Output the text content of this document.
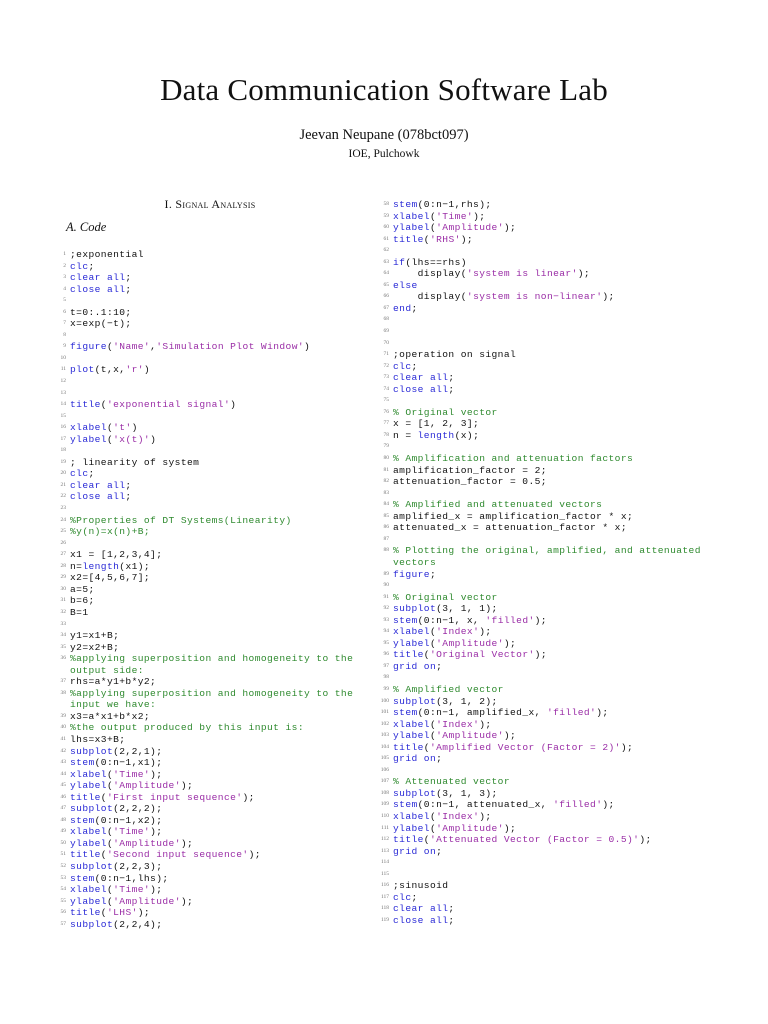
Data Communication Software Lab
Jeevan Neupane (078bct097)
IOE, Pulchowk
I. Signal Analysis
A. Code
1 ;exponential
2 clc;
3 clear all;
4 close all;
5
6 t=0:.1:10;
7 x=exp(−t);
8
9 figure('Name','Simulation Plot Window')
10
11 plot(t,x,'r')
12
13
14 title('exponential signal')
15
16 xlabel('t')
17 ylabel('x(t)')
18
19 ; linearity of system
20 clc;
21 clear all;
22 close all;
23
24 %Properties of DT Systems(Linearity)
25 %y(n)=x(n)+B;
26
27 x1 = [1,2,3,4];
28 n=length(x1);
29 x2=[4,5,6,7];
30 a=5;
31 b=6;
32 B=1
33
34 y1=x1+B;
35 y2=x2+B;
36 %applying superposition and homogeneity to the output side:
37 rhs=a*y1+b*y2;
38 %applying superposition and homogeneity to the input we have:
39 x3=a*x1+b*x2;
40 %the output produced by this input is:
41 lhs=x3+B;
42 subplot(2,2,1);
43 stem(0:n−1,x1);
44 xlabel('Time');
45 ylabel('Amplitude');
46 title('First input sequence');
47 subplot(2,2,2);
48 stem(0:n−1,x2);
49 xlabel('Time');
50 ylabel('Amplitude');
51 title('Second input sequence');
52 subplot(2,2,3);
53 stem(0:n−1,lhs);
54 xlabel('Time');
55 ylabel('Amplitude');
56 title('LHS');
57 subplot(2,2,4);
58 stem(0:n−1,rhs);
59 xlabel('Time');
60 ylabel('Amplitude');
61 title('RHS');
62
63 if(lhs==rhs)
64 display('system is linear');
65 else
66 display('system is non−linear');
67 end;
68
69
70
71 ;operation on signal
72 clc;
73 clear all;
74 close all;
75
76 % Original vector
77 x = [1, 2, 3];
78 n = length(x);
79
80 % Amplification and attenuation factors
81 amplification_factor = 2;
82 attenuation_factor = 0.5;
83
84 % Amplified and attenuated vectors
85 amplified_x = amplification_factor * x;
86 attenuated_x = attenuation_factor * x;
87
88 % Plotting the original, amplified, and attenuated vectors
89 figure;
90
91 % Original vector
92 subplot(3, 1, 1);
93 stem(0:n−1, x, 'filled');
94 xlabel('Index');
95 ylabel('Amplitude');
96 title('Original Vector');
97 grid on;
98
99 % Amplified vector
100 subplot(3, 1, 2);
101 stem(0:n−1, amplified_x, 'filled');
102 xlabel('Index');
103 ylabel('Amplitude');
104 title('Amplified Vector (Factor = 2)');
105 grid on;
106
107 % Attenuated vector
108 subplot(3, 1, 3);
109 stem(0:n−1, attenuated_x, 'filled');
110 xlabel('Index');
111 ylabel('Amplitude');
112 title('Attenuated Vector (Factor = 0.5)');
113 grid on;
114
115
116 ;sinusoid
117 clc;
118 clear all;
119 close all;
